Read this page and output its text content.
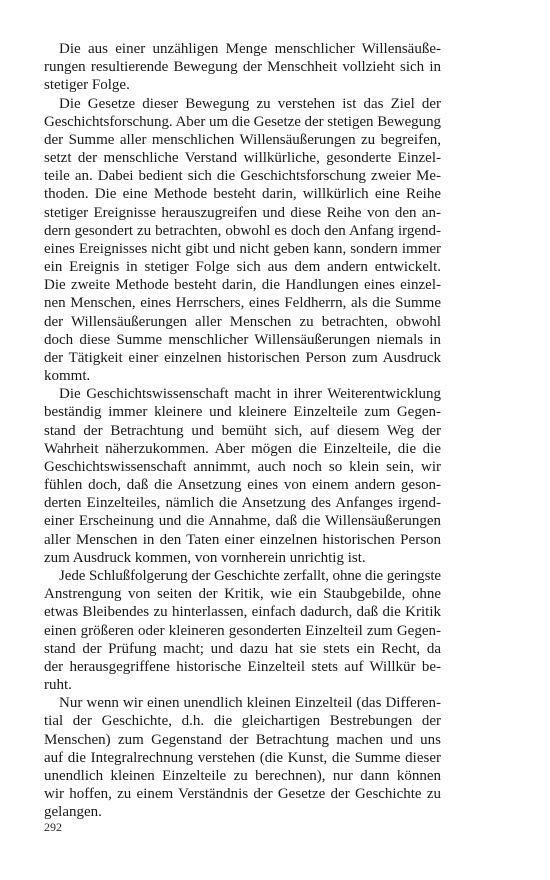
Die aus einer unzähligen Menge menschlicher Willensäuße-
rungen resultierende Bewegung der Menschheit vollzieht sich in
stetiger Folge.
Die Gesetze dieser Bewegung zu verstehen ist das Ziel der
Geschichtsforschung. Aber um die Gesetze der stetigen Bewegung
der Summe aller menschlichen Willensäußerungen zu begreifen,
setzt der menschliche Verstand willkürliche, gesonderte Einzel-
teile an. Dabei bedient sich die Geschichtsforschung zweier Me-
thoden. Die eine Methode besteht darin, willkürlich eine Reihe
stetiger Ereignisse herauszugreifen und diese Reihe von den an-
dern gesondert zu betrachten, obwohl es doch den Anfang irgend-
eines Ereignisses nicht gibt und nicht geben kann, sondern immer
ein Ereignis in stetiger Folge sich aus dem andern entwickelt.
Die zweite Methode besteht darin, die Handlungen eines einzel-
nen Menschen, eines Herrschers, eines Feldherrn, als die Summe
der Willensäußerungen aller Menschen zu betrachten, obwohl
doch diese Summe menschlicher Willensäußerungen niemals in
der Tätigkeit einer einzelnen historischen Person zum Ausdruck
kommt.
Die Geschichtswissenschaft macht in ihrer Weiterentwicklung
beständig immer kleinere und kleinere Einzelteile zum Gegen-
stand der Betrachtung und bemüht sich, auf diesem Weg der
Wahrheit näherzukommen. Aber mögen die Einzelteile, die die
Geschichtswissenschaft annimmt, auch noch so klein sein, wir
fühlen doch, daß die Ansetzung eines von einem andern geson-
derten Einzelteiles, nämlich die Ansetzung des Anfanges irgend-
einer Erscheinung und die Annahme, daß die Willensäußerungen
aller Menschen in den Taten einer einzelnen historischen Person
zum Ausdruck kommen, von vornherein unrichtig ist.
Jede Schlußfolgerung der Geschichte zerfallt, ohne die geringste
Anstrengung von seiten der Kritik, wie ein Staubgebilde, ohne
etwas Bleibendes zu hinterlassen, einfach dadurch, daß die Kritik
einen größeren oder kleineren gesonderten Einzelteil zum Gegen-
stand der Prüfung macht; und dazu hat sie stets ein Recht, da
der herausgegriffene historische Einzelteil stets auf Willkür be-
ruht.
Nur wenn wir einen unendlich kleinen Einzelteil (das Differen-
tial der Geschichte, d.h. die gleichartigen Bestrebungen der
Menschen) zum Gegenstand der Betrachtung machen und uns
auf die Integralrechnung verstehen (die Kunst, die Summe dieser
unendlich kleinen Einzelteile zu berechnen), nur dann können
wir hoffen, zu einem Verständnis der Gesetze der Geschichte zu
gelangen.
292
